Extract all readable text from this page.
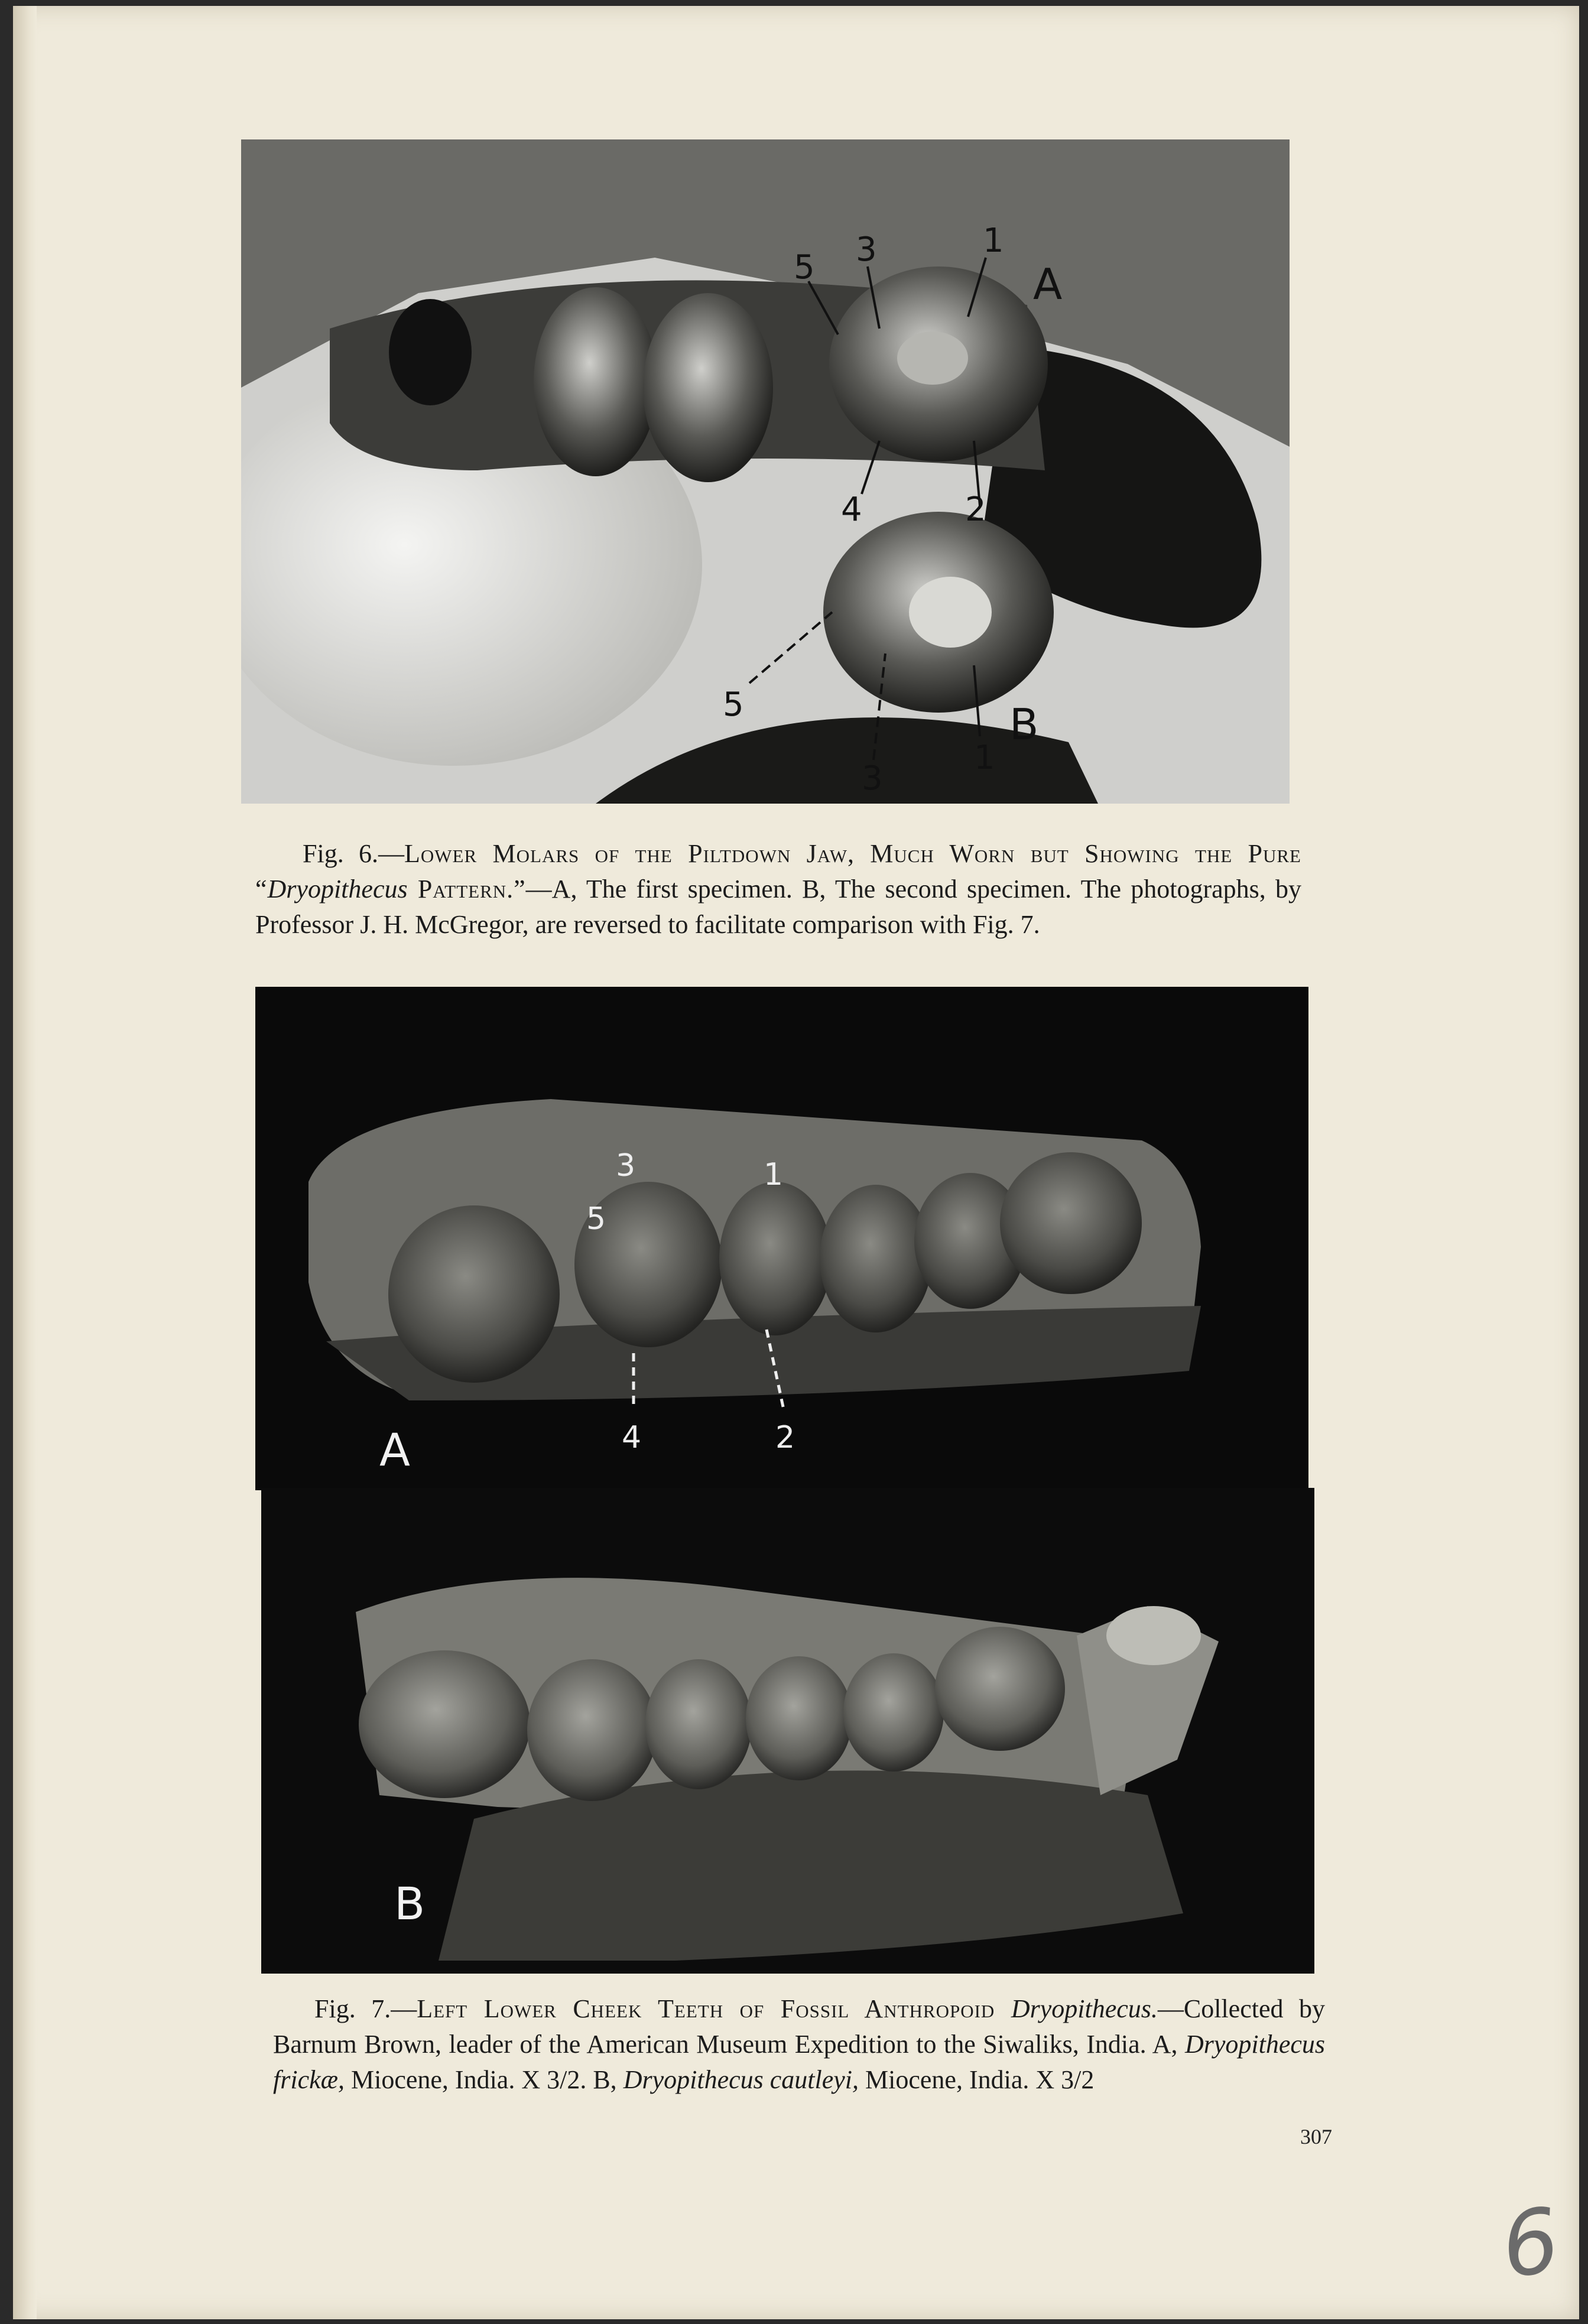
3	1
5	A
4	2
5
3
1
B
Fig. 6.—Lower Molars of the Piltdown Jaw, Much Worn but Showing the Pure “Dryopithecus Pattern.”—A, The first specimen. B, The second specimen. The photographs, by Professor J. H. McGregor, are reversed to facilitate comparison with Fig. 7.
3	1
5
4	2
A
B
Fig. 7.—Left Lower Cheek Teeth of Fossil Anthropoid Dryopithecus.—Collected by Barnum Brown, leader of the American Museum Expedition to the Siwaliks, India. A, Dryopithecus frickæ, Miocene, India. X 3/2. B, Dryopithecus cautleyi, Miocene, India. X 3/2
307
6
